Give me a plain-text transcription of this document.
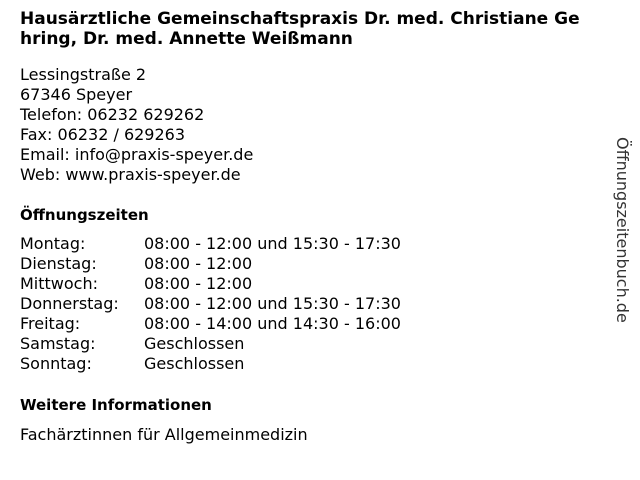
Hausärztliche Gemeinschaftspraxis Dr. med. Christiane Gehring, Dr. med. Annette Weißmann
Lessingstraße 2
67346 Speyer
Telefon: 06232 629262
Fax: 06232 / 629263
Email: info@praxis-speyer.de
Web: www.praxis-speyer.de
Öffnungszeiten
Montag:	08:00 - 12:00 und 15:30 - 17:30
Dienstag:	08:00 - 12:00
Mittwoch:	08:00 - 12:00
Donnerstag:	08:00 - 12:00 und 15:30 - 17:30
Freitag:	08:00 - 14:00 und 14:30 - 16:00
Samstag:	Geschlossen
Sonntag:	Geschlossen
Weitere Informationen
Fachärztinnen für Allgemeinmedizin
Öffnungszeitenbuch.de
